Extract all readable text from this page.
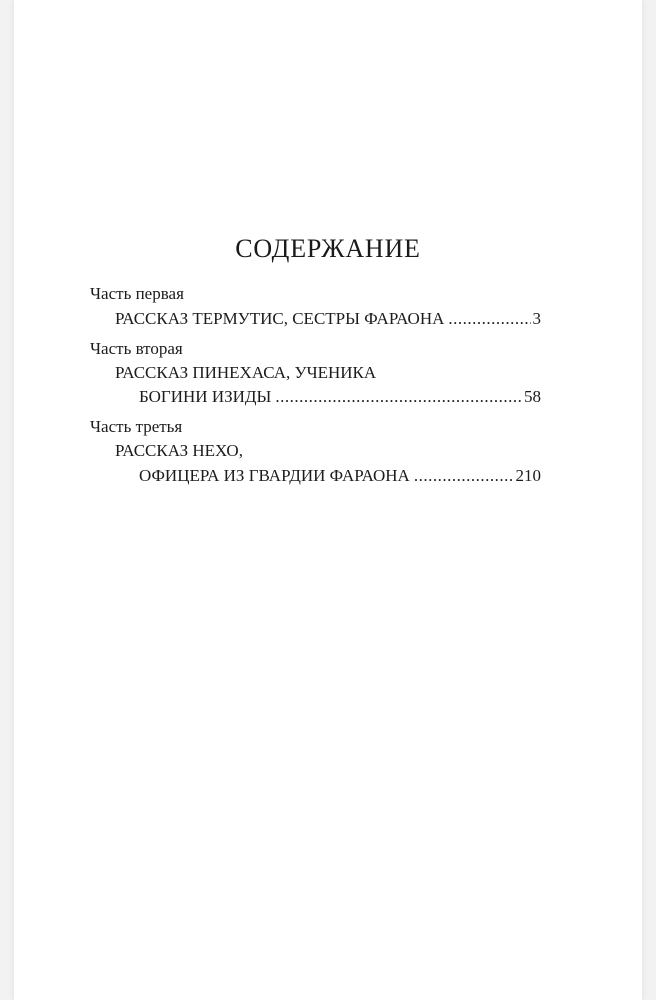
СОДЕРЖАНИЕ
Часть первая
РАССКАЗ ТЕРМУТИС, СЕСТРЫ ФАРАОНА .....	3
Часть вторая
РАССКАЗ ПИНЕХАСА, УЧЕНИКА
БОГИНИ ИЗИДЫ .....	58
Часть третья
РАССКАЗ НЕХО,
ОФИЦЕРА ИЗ ГВАРДИИ ФАРАОНА .....	210
